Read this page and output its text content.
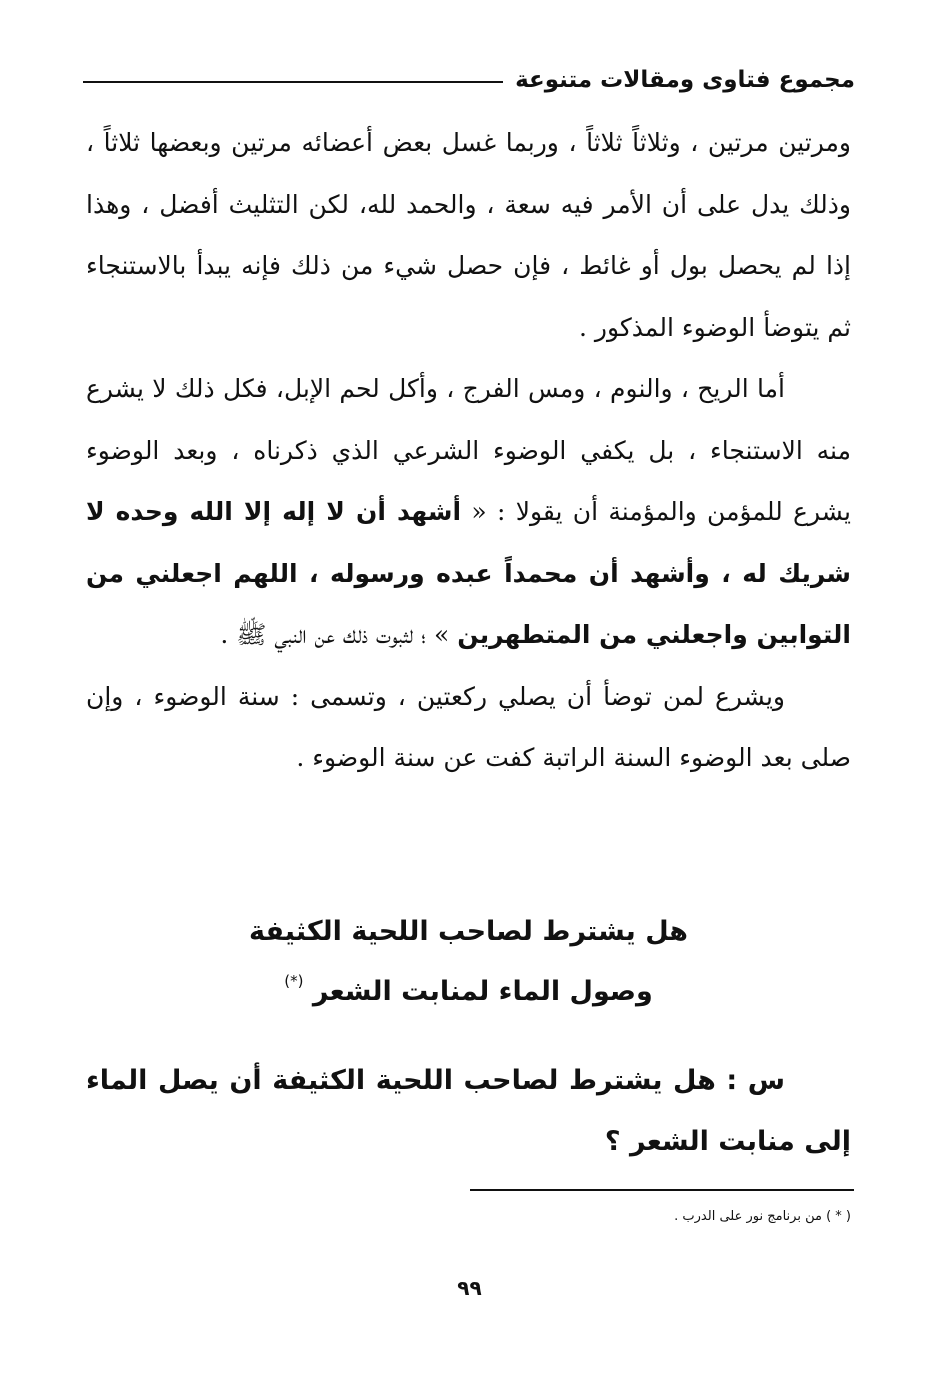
مجموع فتاوى ومقالات متنوعة

ومرتين مرتين ، وثلاثاً ثلاثاً ، وربما غسل بعض أعضائه مرتين وبعضها ثلاثاً ، وذلك يدل على أن الأمر فيه سعة ، والحمد لله، لكن التثليث أفضل ، وهذا إذا لم يحصل بول أو غائط ، فإن حصل شيء من ذلك فإنه يبدأ بالاستنجاء ثم يتوضأ الوضوء المذكور .

أما الريح ، والنوم ، ومس الفرج ، وأكل لحم الإبل، فكل ذلك لا يشرع منه الاستنجاء ، بل يكفي الوضوء الشرعي الذي ذكرناه ، وبعد الوضوء يشرع للمؤمن والمؤمنة أن يقولا : « أشهد أن لا إله إلا الله وحده لا شريك له ، وأشهد أن محمداً عبده ورسوله ، اللهم اجعلني من التوابين واجعلني من المتطهرين » ؛ لثبوت ذلك عن النبي ﷺ .

ويشرع لمن توضأ أن يصلي ركعتين ، وتسمى : سنة الوضوء ، وإن صلى بعد الوضوء السنة الراتبة كفت عن سنة الوضوء .

هل يشترط لصاحب اللحية الكثيفة
وصول الماء لمنابت الشعر (*)

س : هل يشترط لصاحب اللحية الكثيفة أن يصل الماء إلى منابت الشعر ؟

( * ) من برنامج نور على الدرب .
٩٩
